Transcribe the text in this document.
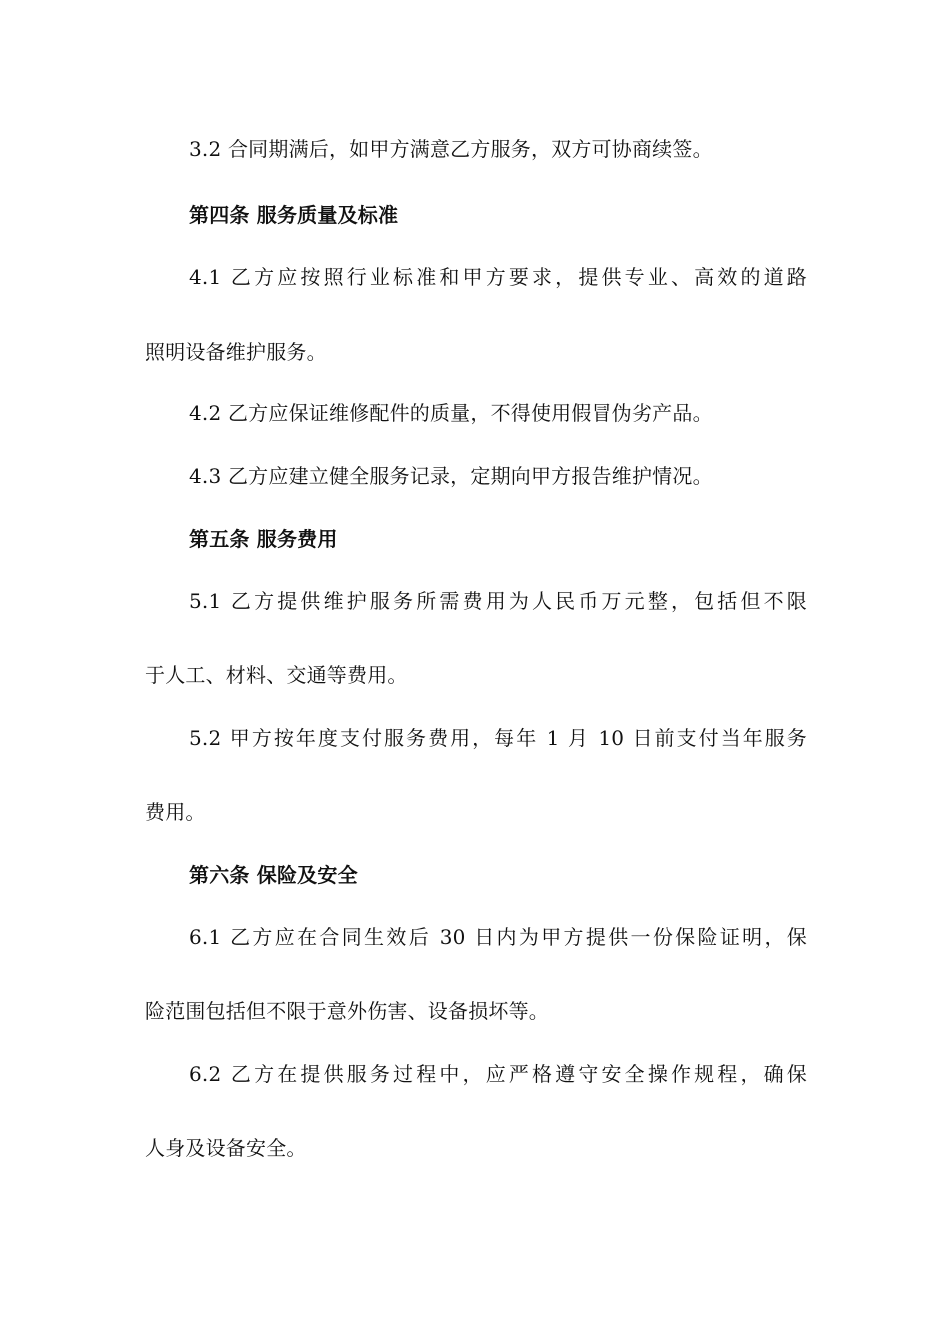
3.2 合同期满后，如甲方满意乙方服务，双方可协商续签。
第四条 服务质量及标准
4.1 乙方应按照行业标准和甲方要求，提供专业、高效的道路
照明设备维护服务。
4.2 乙方应保证维修配件的质量，不得使用假冒伪劣产品。
4.3 乙方应建立健全服务记录，定期向甲方报告维护情况。
第五条 服务费用
5.1 乙方提供维护服务所需费用为人民币万元整，包括但不限
于人工、材料、交通等费用。
5.2 甲方按年度支付服务费用，每年 1 月 10 日前支付当年服务
费用。
第六条 保险及安全
6.1 乙方应在合同生效后 30 日内为甲方提供一份保险证明，保
险范围包括但不限于意外伤害、设备损坏等。
6.2 乙方在提供服务过程中，应严格遵守安全操作规程，确保
人身及设备安全。
